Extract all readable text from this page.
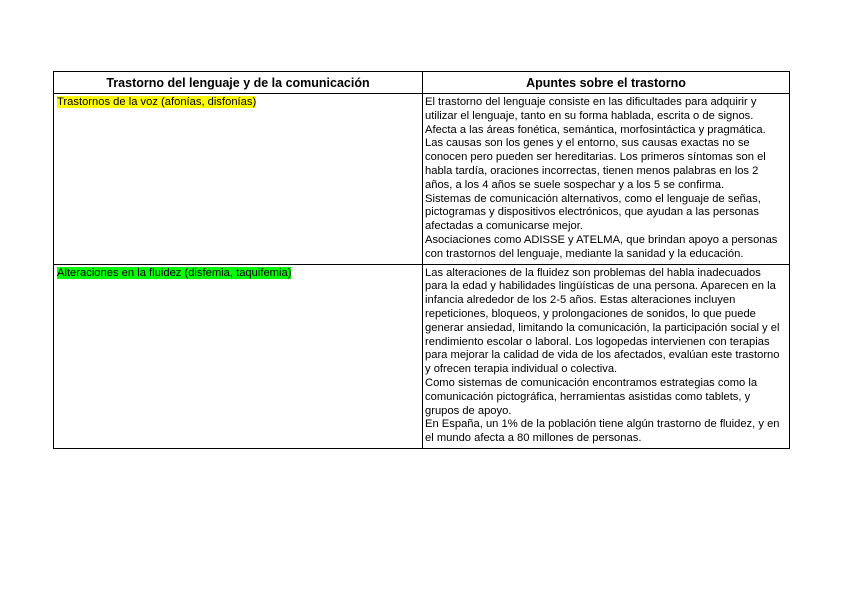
Trastorno del lenguaje y de la comunicación	Apuntes sobre el trastorno
Trastornos de la voz (afonías, disfonías)	El trastorno del lenguaje consiste en las dificultades para adquirir y utilizar el lenguaje, tanto en su forma hablada, escrita o de signos. Afecta a las áreas fonética, semántica, morfosintáctica y pragmática. Las causas son los genes y el entorno, sus causas exactas no se conocen pero pueden ser hereditarias. Los primeros síntomas son el habla tardía, oraciones incorrectas, tienen menos palabras en los 2 años, a los 4 años se suele sospechar y a los 5 se confirma.
Sistemas de comunicación alternativos, como el lenguaje de señas, pictogramas y dispositivos electrónicos, que ayudan a las personas afectadas a comunicarse mejor.
Asociaciones como ADISSE y ATELMA, que brindan apoyo a personas con trastornos del lenguaje, mediante la sanidad y la educación.

Alteraciones en la fluidez (disfemia, taquifemia)	Las alteraciones de la fluidez son problemas del habla inadecuados para la edad y habilidades lingüísticas de una persona. Aparecen en la infancia alrededor de los 2-5 años. Estas alteraciones incluyen repeticiones, bloqueos, y prolongaciones de sonidos, lo que puede generar ansiedad, limitando la comunicación, la participación social y el rendimiento escolar o laboral. Los logopedas intervienen con terapias para mejorar la calidad de vida de los afectados, evalúan este trastorno y ofrecen terapia individual o colectiva.
Como sistemas de comunicación encontramos estrategias como la comunicación pictográfica, herramientas asistidas como tablets, y grupos de apoyo.
En España, un 1% de la población tiene algún trastorno de fluidez, y en el mundo afecta a 80 millones de personas.
